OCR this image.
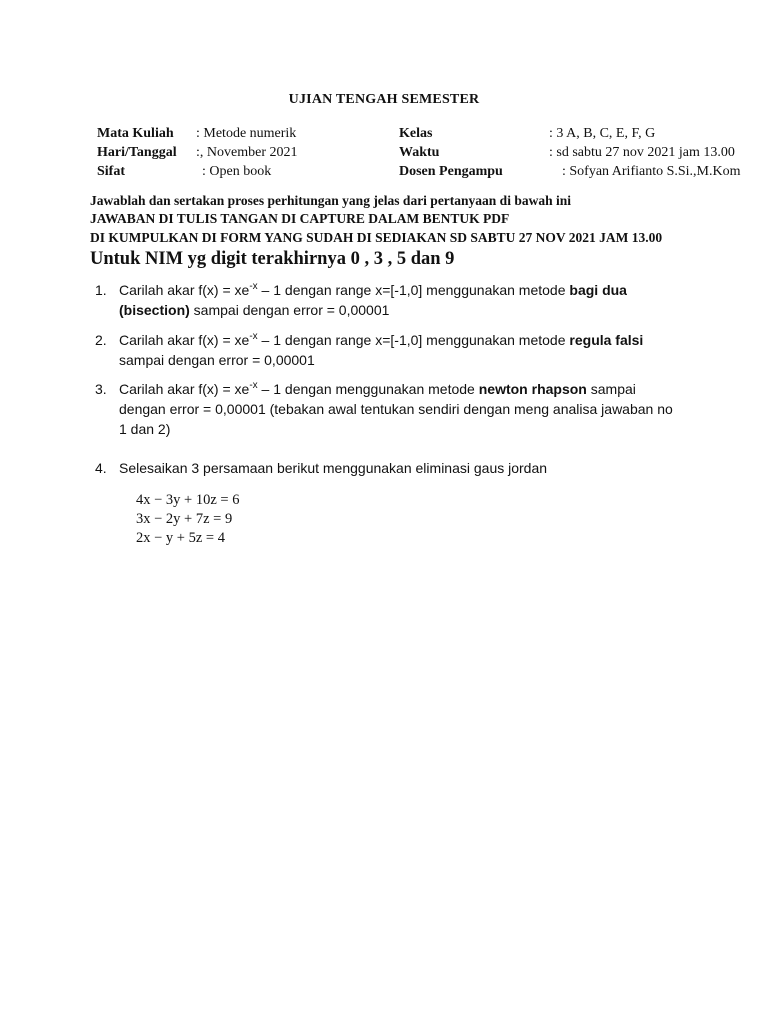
UJIAN TENGAH SEMESTER
Mata Kuliah : Metode numerik
Hari/Tanggal :, November 2021
Sifat	: Open book
Kelas
Waktu
Dosen Pengampu
: 3 A, B, C, E, F, G
: sd sabtu 27 nov 2021 jam 13.00
: Sofyan Arifianto S.Si.,M.Kom
Jawablah dan sertakan proses perhitungan yang jelas dari pertanyaan di bawah ini
JAWABAN DI TULIS TANGAN DI CAPTURE DALAM BENTUK PDF
DI KUMPULKAN DI FORM YANG SUDAH DI SEDIAKAN SD SABTU 27 NOV 2021 JAM 13.00
Untuk NIM yg digit terakhirnya 0 , 3 , 5 dan 9
1. Carilah akar $f(x) = xe^{-x} - 1$ dengan range x=[-1,0] menggunakan metode bagi dua
(bisection) sampai dengan error = 0,00001
2. Carilah akar $f(x) = xe^{-x} - 1$ dengan range x=[-1,0] menggunakan metode regula falsi
sampai dengan error = 0,00001
3. Carilah akar $f(x) = xe^{-x} - 1$ dengan menggunakan metode newton rhapson sampai
dengan error = 0,00001 (tebakan awal tentukan sendiri dengan meng analisa jawaban no
1 dan 2)
4. Selesaikan 3 persamaan berikut menggunakan eliminasi gaus jordan
4x − 3y + 10z = 6
3x − 2y + 7z = 9
2x − y + 5z = 4
